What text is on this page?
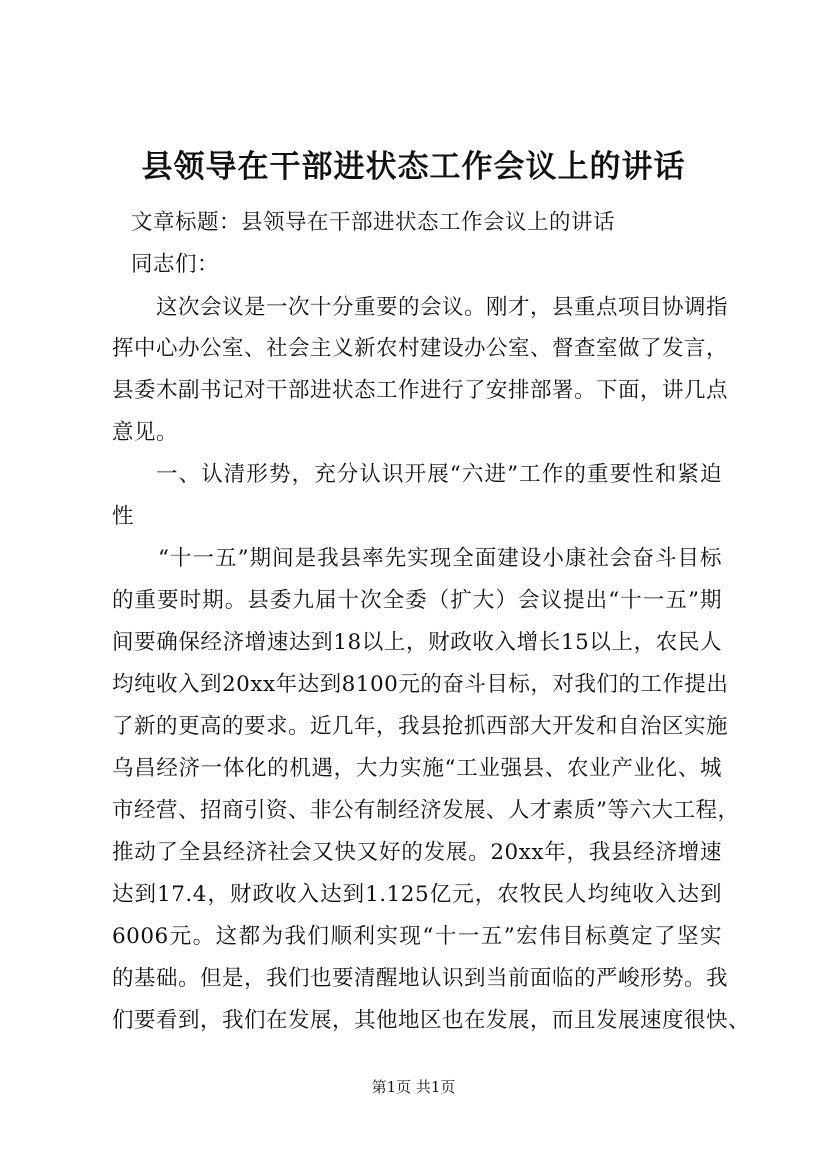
县领导在干部进状态工作会议上的讲话
文章标题：县领导在干部进状态工作会议上的讲话
同志们：
这次会议是一次十分重要的会议。刚才，县重点项目协调指
挥中心办公室、社会主义新农村建设办公室、督查室做了发言，
县委木副书记对干部进状态工作进行了安排部署。下面，讲几点
意见。
一、认清形势，充分认识开展“六进”工作的重要性和紧迫
性
“十一五”期间是我县率先实现全面建设小康社会奋斗目标
的重要时期。县委九届十次全委（扩大）会议提出“十一五”期
间要确保经济增速达到18以上，财政收入增长15以上，农民人
均纯收入到20xx年达到8100元的奋斗目标，对我们的工作提出
了新的更高的要求。近几年，我县抢抓西部大开发和自治区实施
乌昌经济一体化的机遇，大力实施“工业强县、农业产业化、城
市经营、招商引资、非公有制经济发展、人才素质”等六大工程，
推动了全县经济社会又快又好的发展。20xx年，我县经济增速
达到17.4，财政收入达到1.125亿元，农牧民人均纯收入达到
6006元。这都为我们顺利实现“十一五”宏伟目标奠定了坚实
的基础。但是，我们也要清醒地认识到当前面临的严峻形势。我
们要看到，我们在发展，其他地区也在发展，而且发展速度很快、
第1页 共1页
